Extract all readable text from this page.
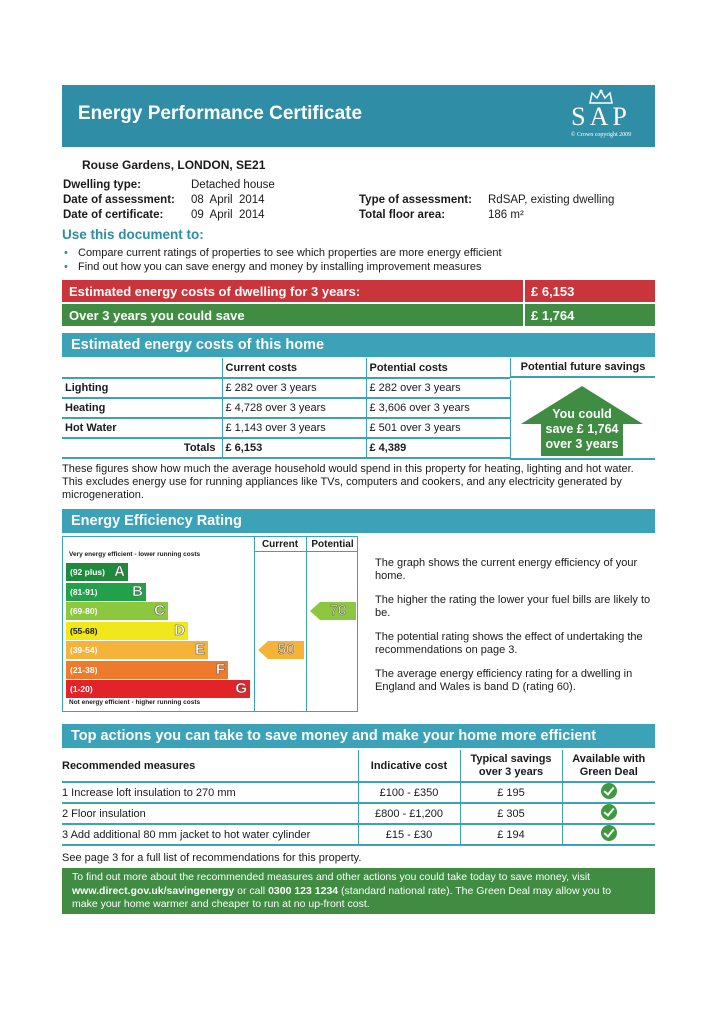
Energy Performance Certificate	SAP
© Crown copyright 2009
Rouse Gardens, LONDON, SE21
Dwelling type:	Detached house
Date of assessment: 08  April  2014
Date of certificate: 09  April  2014
Type of assessment: RdSAP, existing dwelling
Total floor area:	186 m²
Use this document to:
• Compare current ratings of properties to see which properties are more energy efficient
• Find out how you can save energy and money by installing improvement measures
Estimated energy costs of dwelling for 3 years:	£ 6,153
Over 3 years you could save	£ 1,764
Estimated energy costs of this home
	Current costs	Potential costs
Lighting	£ 282 over 3 years	£ 282 over 3 years
Heating	£ 4,728 over 3 years	£ 3,606 over 3 years
Hot Water	£ 1,143 over 3 years	£ 501 over 3 years
Totals	£ 6,153	£ 4,389
Potential future savings
You could
save £ 1,764
over 3 years
These figures show how much the average household would spend in this property for heating, lighting and hot water. This excludes energy use for running appliances like TVs, computers and cookers, and any electricity generated by microgeneration.
Energy Efficiency Rating
Current	Potential
Very energy efficient - lower running costs
Not energy efficient - higher running costs
(92 plus) A
(81-91) B
(69-80)	C
(55-68)	D
(39-54)	E
(21-38)	F
(1-20)	G
50
70

The graph shows the current energy efficiency of your home.

The higher the rating the lower your fuel bills are likely to be.

The potential rating shows the effect of undertaking the recommendations on page 3.

The average energy efficiency rating for a dwelling in England and Wales is band D (rating 60).

Top actions you can take to save money and make your home more efficient
Recommended measures	Indicative cost	Typical savings over 3 years	Available with Green Deal
1 Increase loft insulation to 270 mm	£100 - £350	£ 195	
2 Floor insulation	£800 - £1,200	£ 305	
3 Add additional 80 mm jacket to hot water cylinder	£15 - £30	£ 194	
See page 3 for a full list of recommendations for this property.
To find out more about the recommended measures and other actions you could take today to save money, visit
www.direct.gov.uk/savingenergy or call 0300 123 1234 (standard national rate). The Green Deal may allow you to
make your home warmer and cheaper to run at no up-front cost.
